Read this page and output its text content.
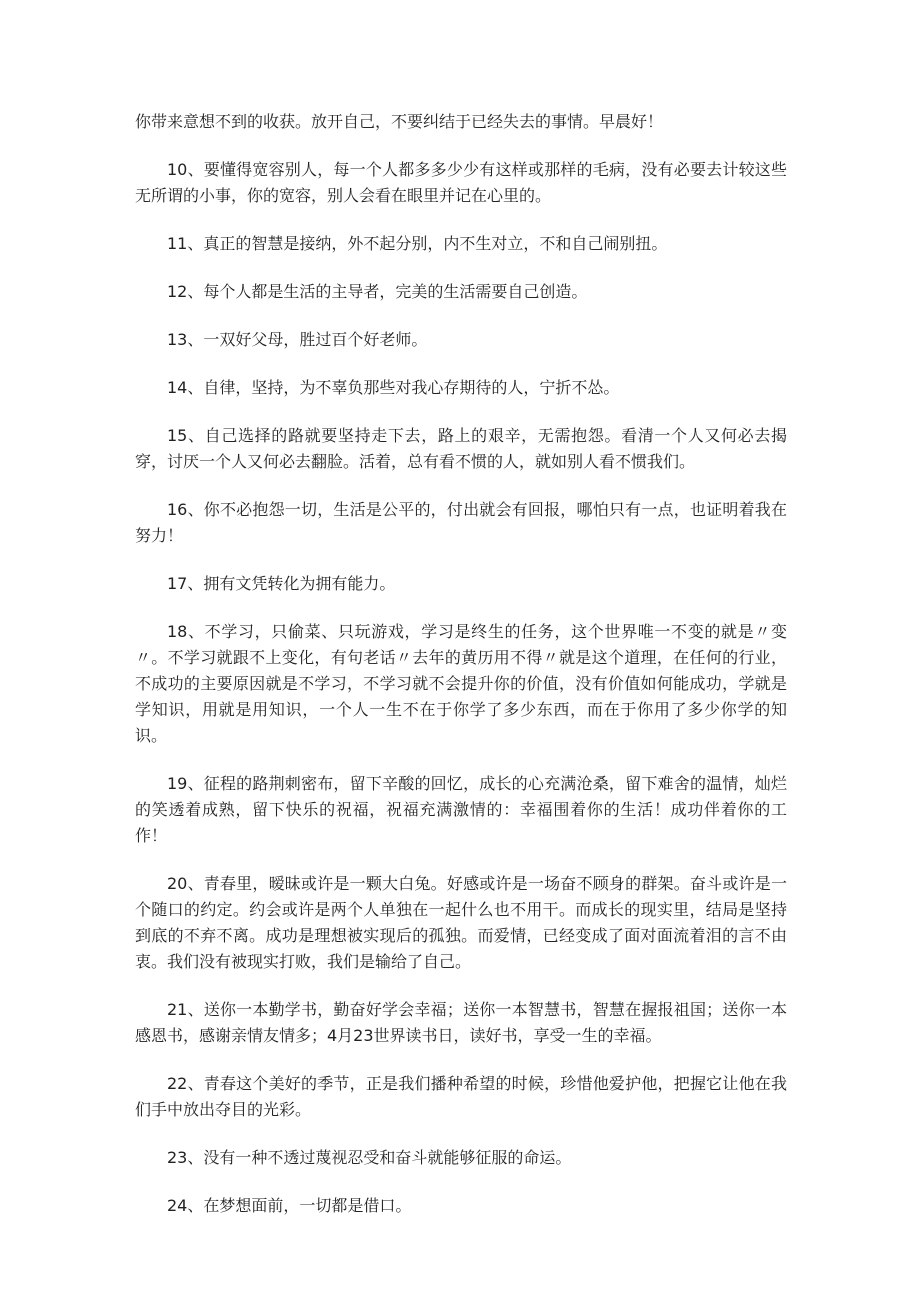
你带来意想不到的收获。放开自己，不要纠结于已经失去的事情。早晨好！

10、要懂得宽容别人，每一个人都多多少少有这样或那样的毛病，没有必要去计较这些无所谓的小事，你的宽容，别人会看在眼里并记在心里的。

11、真正的智慧是接纳，外不起分别，内不生对立，不和自己闹别扭。

12、每个人都是生活的主导者，完美的生活需要自己创造。

13、一双好父母，胜过百个好老师。

14、自律，坚持，为不辜负那些对我心存期待的人，宁折不怂。

15、自己选择的路就要坚持走下去，路上的艰辛，无需抱怨。看清一个人又何必去揭穿，讨厌一个人又何必去翻脸。活着，总有看不惯的人，就如别人看不惯我们。

16、你不必抱怨一切，生活是公平的，付出就会有回报，哪怕只有一点，也证明着我在努力！

17、拥有文凭转化为拥有能力。

18、不学习，只偷菜、只玩游戏，学习是终生的任务，这个世界唯一不变的就是〃变〃。不学习就跟不上变化，有句老话〃去年的黄历用不得〃就是这个道理，在任何的行业，不成功的主要原因就是不学习，不学习就不会提升你的价值，没有价值如何能成功，学就是学知识，用就是用知识，一个人一生不在于你学了多少东西，而在于你用了多少你学的知识。

19、征程的路荆刺密布，留下辛酸的回忆，成长的心充满沧桑，留下难舍的温情，灿烂的笑透着成熟，留下快乐的祝福，祝福充满激情的：幸福围着你的生活！成功伴着你的工作！

20、青春里，暧昧或许是一颗大白兔。好感或许是一场奋不顾身的群架。奋斗或许是一个随口的约定。约会或许是两个人单独在一起什么也不用干。而成长的现实里，结局是坚持到底的不弃不离。成功是理想被实现后的孤独。而爱情，已经变成了面对面流着泪的言不由衷。我们没有被现实打败，我们是输给了自己。

21、送你一本勤学书，勤奋好学会幸福；送你一本智慧书，智慧在握报祖国；送你一本感恩书，感谢亲情友情多；4月23世界读书日，读好书，享受一生的幸福。

22、青春这个美好的季节，正是我们播种希望的时候，珍惜他爱护他，把握它让他在我们手中放出夺目的光彩。

23、没有一种不透过蔑视忍受和奋斗就能够征服的命运。

24、在梦想面前，一切都是借口。
